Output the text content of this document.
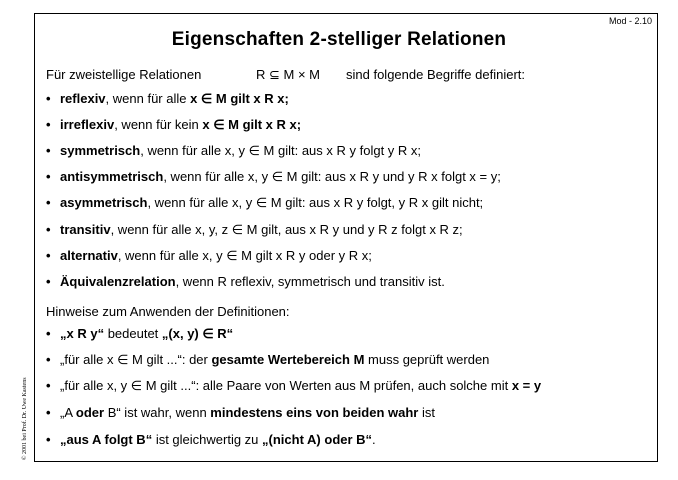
Mod - 2.10
Eigenschaften 2-stelliger Relationen
Für zweistellige Relationen	R ⊆ M × M sind folgende Begriffe definiert:
• reflexiv, wenn für alle x ∈ M gilt x R x;
• irreflexiv, wenn für kein x ∈ M gilt x R x;
• symmetrisch, wenn für alle x, y ∈ M gilt: aus x R y folgt y R x;
• antisymmetrisch, wenn für alle x, y ∈ M gilt: aus x R y und y R x folgt x = y;
• asymmetrisch, wenn für alle x, y ∈ M gilt: aus x R y folgt, y R x gilt nicht;
• transitiv, wenn für alle x, y, z ∈ M gilt, aus x R y und y R z folgt x R z;
• alternativ, wenn für alle x, y ∈ M gilt x R y oder y R x;
• Äquivalenzrelation, wenn R reflexiv, symmetrisch und transitiv ist.
Hinweise zum Anwenden der Definitionen:
• „x R y“ bedeutet „(x, y) ∈ R“
• „für alle x ∈ M gilt ...“: der gesamte Wertebereich M muss geprüft werden
• „für alle x, y ∈ M gilt ...“: alle Paare von Werten aus M prüfen, auch solche mit x = y
• „A oder B“ ist wahr, wenn mindestens eins von beiden wahr ist
• „aus A folgt B“ ist gleichwertig zu „(nicht A) oder B“.
© 2001 bei Prof. Dr. Uwe Kastens
